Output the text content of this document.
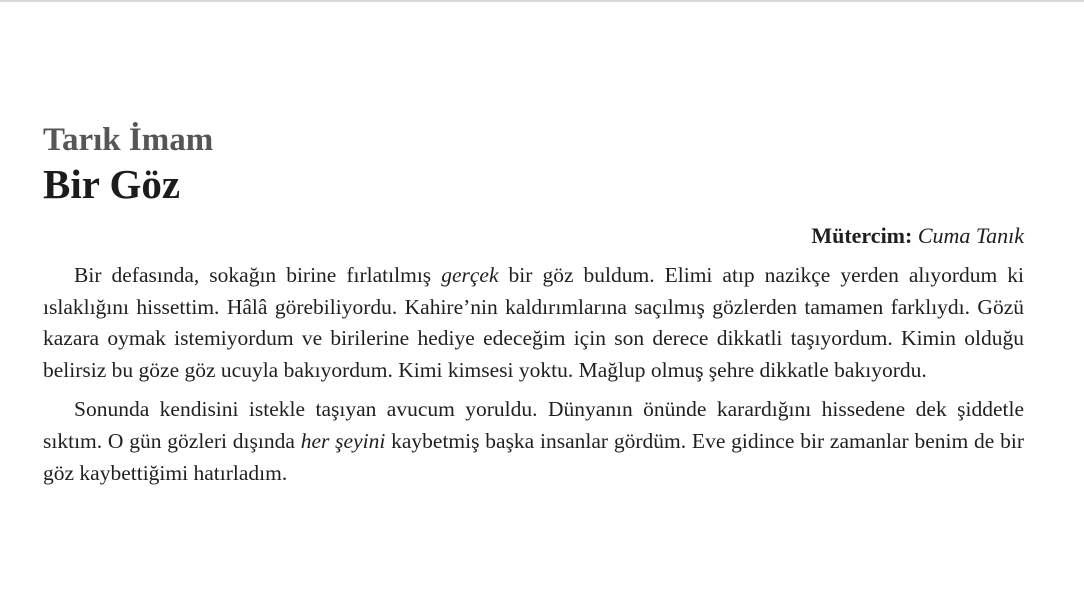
Tarık İmam
Bir Göz
Mütercim: Cuma Tanık

Bir defasında, sokağın birine fırlatılmış gerçek bir göz buldum. Elimi atıp nazikçe yerden alıyordum ki ıslaklığını hissettim. Hâlâ görebiliyordu. Kahire’nin kaldırımlarına saçılmış gözlerden tamamen farklıydı. Gözü kazara oymak istemiyordum ve birilerine hediye edeceğim için son derece dikkatli taşıyordum. Kimin olduğu belirsiz bu göze göz ucuyla bakıyordum. Kimi kimsesi yoktu. Mağlup olmuş şehre dikkatle bakıyordu.

Sonunda kendisini istekle taşıyan avucum yoruldu. Dünyanın önünde karardığını hissedene dek şiddetle sıktım. O gün gözleri dışında her şeyini kaybetmiş başka insanlar gördüm. Eve gidince bir zamanlar benim de bir göz kaybettiğimi hatırladım.
